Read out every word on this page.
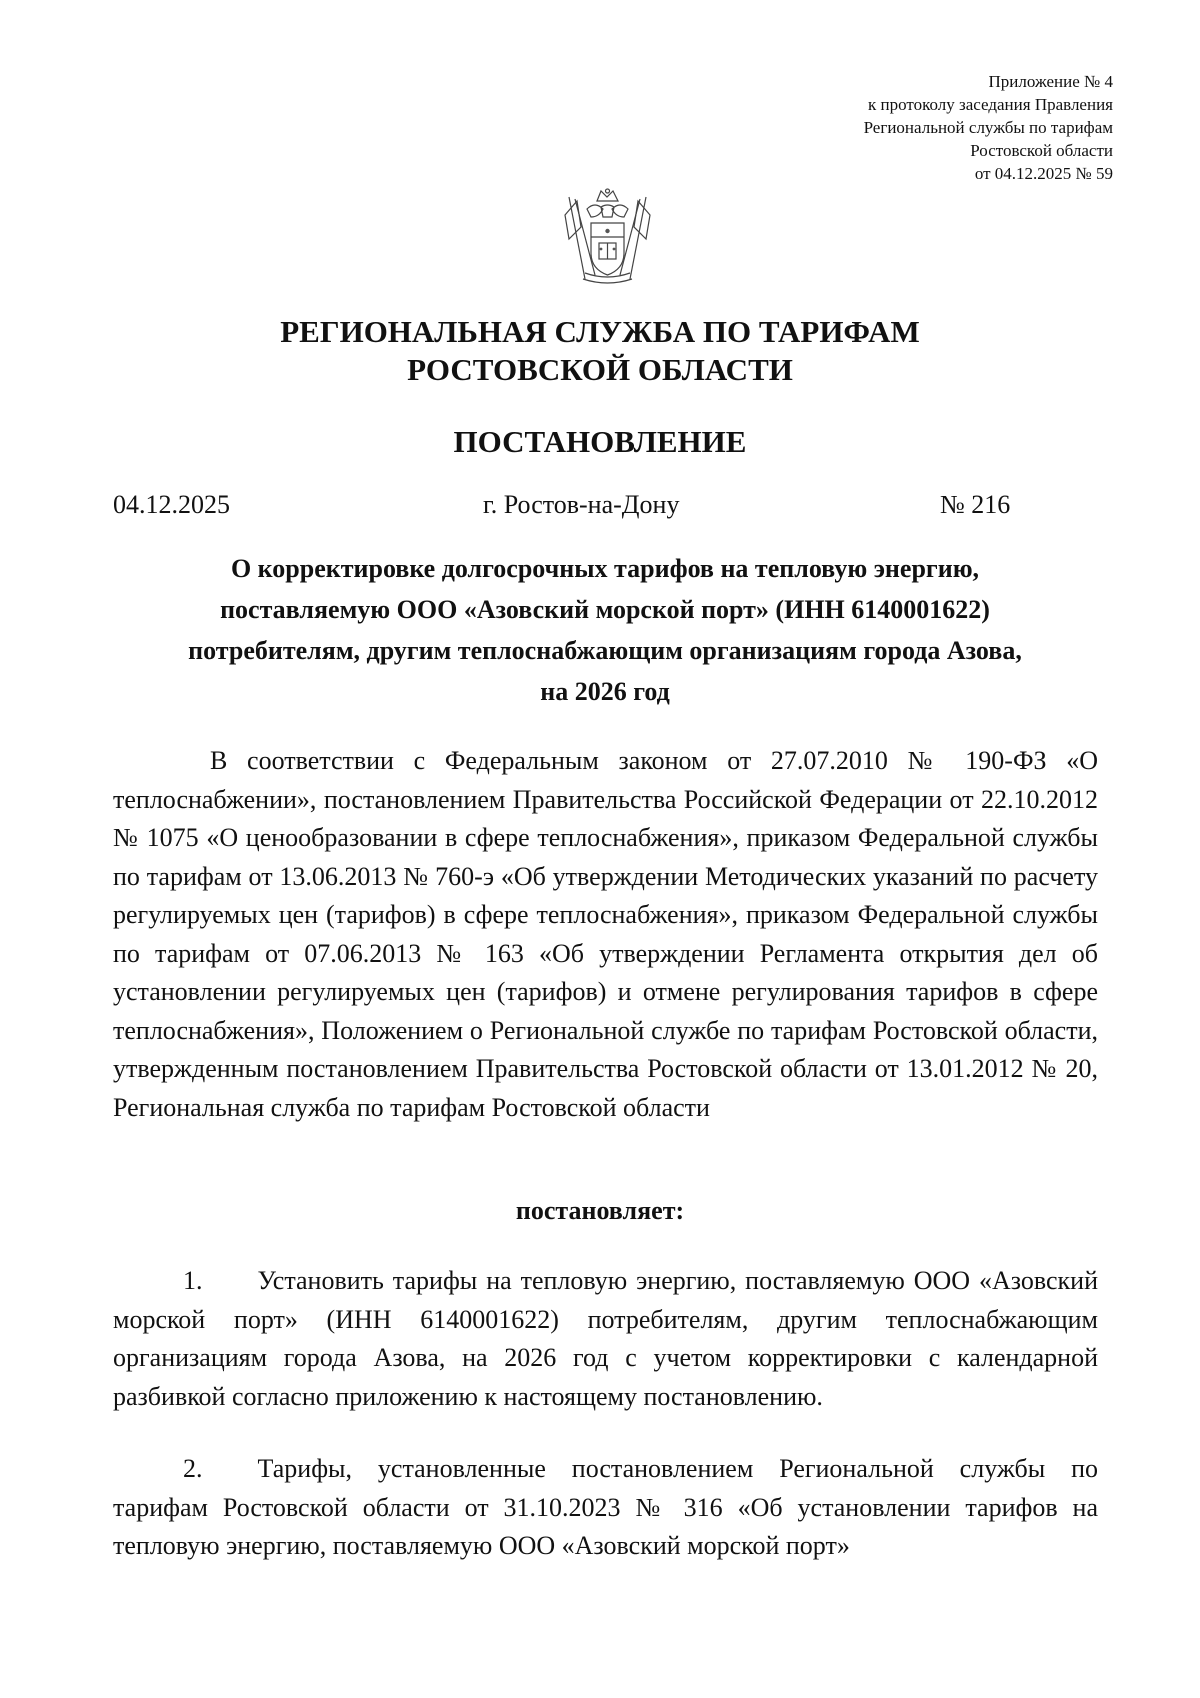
Приложение № 4
к протоколу заседания Правления
Региональной службы по тарифам
Ростовской области
от 04.12.2025 № 59
РЕГИОНАЛЬНАЯ СЛУЖБА ПО ТАРИФАМ
РОСТОВСКОЙ ОБЛАСТИ
ПОСТАНОВЛЕНИЕ
04.12.2025	г. Ростов-на-Дону	№ 216
О корректировке долгосрочных тарифов на тепловую энергию,
поставляемую ООО «Азовский морской порт» (ИНН 6140001622)
потребителям, другим теплоснабжающим организациям города Азова,
на 2026 год
В соответствии с Федеральным законом от 27.07.2010 № 190-ФЗ «О теплоснабжении», постановлением Правительства Российской Федерации от 22.10.2012 № 1075 «О ценообразовании в сфере теплоснабжения», приказом Федеральной службы по тарифам от 13.06.2013 № 760-э «Об утверждении Методических указаний по расчету регулируемых цен (тарифов) в сфере теплоснабжения», приказом Федеральной службы по тарифам от 07.06.2013 № 163 «Об утверждении Регламента открытия дел об установлении регулируемых цен (тарифов) и отмене регулирования тарифов в сфере теплоснабжения», Положением о Региональной службе по тарифам Ростовской области, утвержденным постановлением Правительства Ростовской области от 13.01.2012 № 20, Региональная служба по тарифам Ростовской области
постановляет:
1. Установить тарифы на тепловую энергию, поставляемую ООО «Азовский морской порт» (ИНН 6140001622) потребителям, другим теплоснабжающим организациям города Азова, на 2026 год с учетом корректировки с календарной разбивкой согласно приложению к настоящему постановлению.
2. Тарифы, установленные постановлением Региональной службы по тарифам Ростовской области от 31.10.2023 № 316 «Об установлении тарифов на тепловую энергию, поставляемую ООО «Азовский морской порт»
